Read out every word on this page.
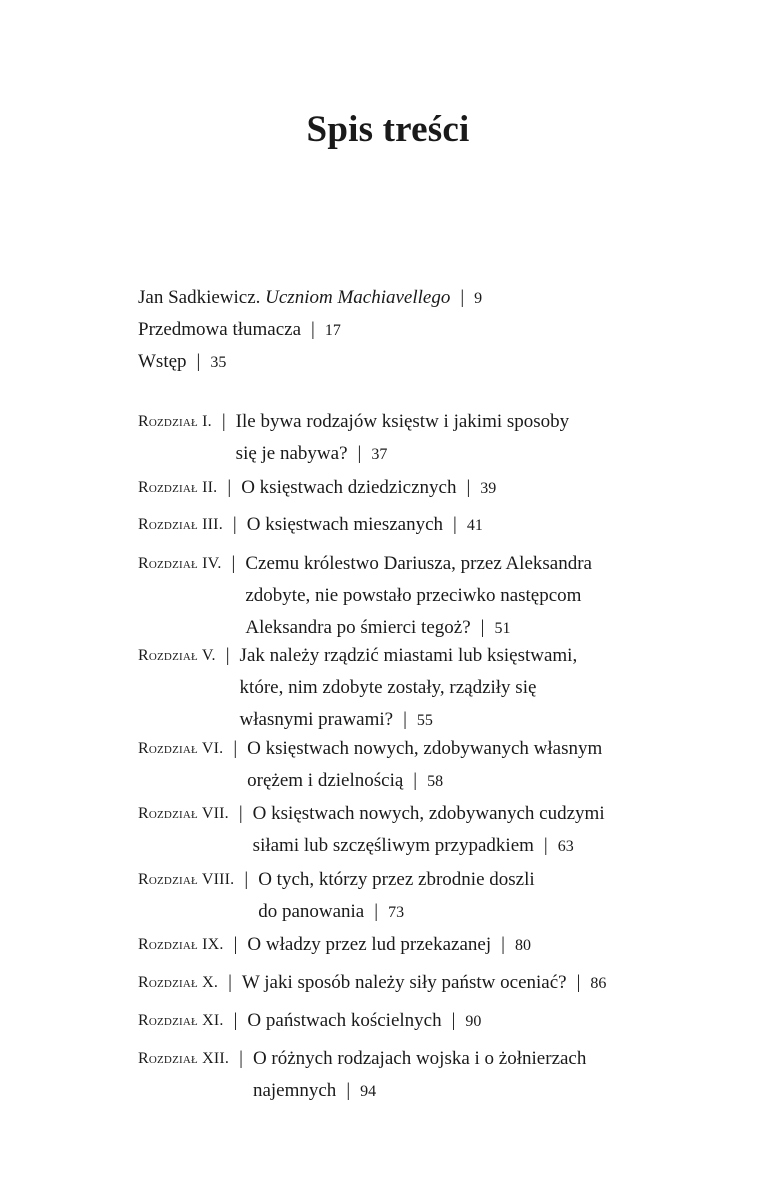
Spis treści
Jan Sadkiewicz. Uczniom Machiavellego | 9
Przedmowa tłumacza | 17
Wstęp | 35
Rozdział I. | Ile bywa rodzajów księstw i jakimi sposoby
się je nabywa? | 37
Rozdział II. | O księstwach dziedzicznych | 39
Rozdział III. | O księstwach mieszanych | 41
Rozdział IV. | Czemu królestwo Dariusza, przez Aleksandra
zdobyte, nie powstało przeciwko następcom
Aleksandra po śmierci tegoż? | 51
Rozdział V. | Jak należy rządzić miastami lub księstwami,
które, nim zdobyte zostały, rządziły się
własnymi prawami? | 55
Rozdział VI. | O księstwach nowych, zdobywanych własnym
orężem i dzielnością | 58
Rozdział VII. | O księstwach nowych, zdobywanych cudzymi
siłami lub szczęśliwym przypadkiem | 63
Rozdział VIII. | O tych, którzy przez zbrodnie doszli
do panowania | 73
Rozdział IX. | O władzy przez lud przekazanej | 80
Rozdział X. | W jaki sposób należy siły państw oceniać? | 86
Rozdział XI. | O państwach kościelnych | 90
Rozdział XII. | O różnych rodzajach wojska i o żołnierzach
najemnych | 94
